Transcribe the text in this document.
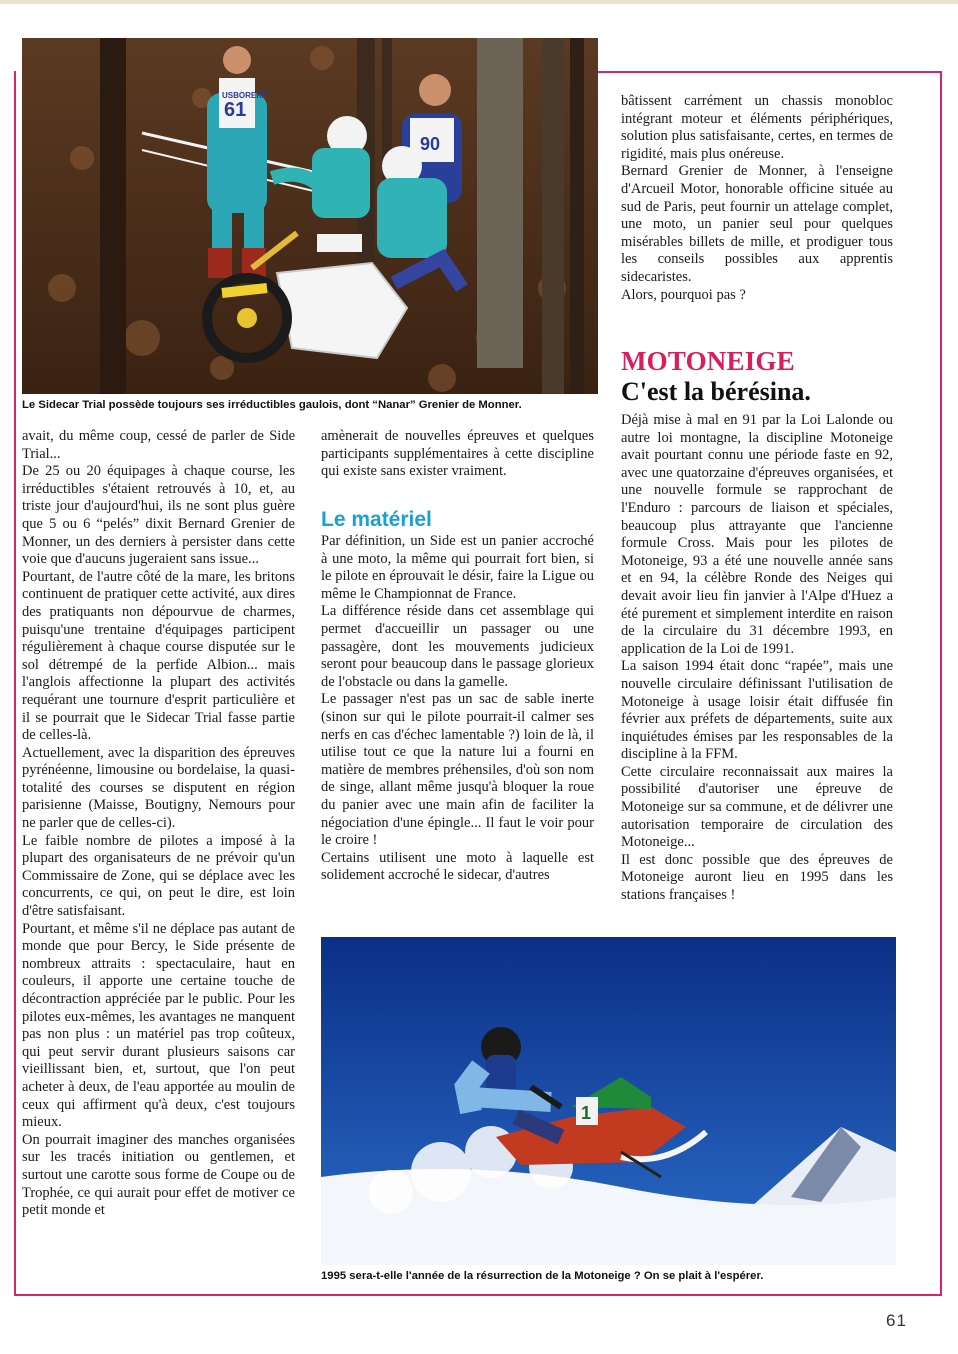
USBOREKE
61
90
Le Sidecar Trial possède toujours ses irréductibles gaulois, dont “Nanar” Grenier de Monner.

avait, du même coup, cessé de parler de Side Trial...

De 25 ou 20 équipages à chaque course, les irréductibles s'étaient retrouvés à 10, et, au triste jour d'aujourd'hui, ils ne sont plus guère que 5 ou 6 “pelés” dixit Bernard Grenier de Monner, un des derniers à persister dans cette voie que d'aucuns jugeraient sans issue...

Pourtant, de l'autre côté de la mare, les britons continuent de pratiquer cette activité, aux dires des pratiquants non dépourvue de charmes, puisqu'une trentaine d'équipages participent régulièrement à chaque course disputée sur le sol détrempé de la perfide Albion... mais l'anglois affectionne la plupart des activités requérant une tournure d'esprit particulière et il se pourrait que le Sidecar Trial fasse partie de celles-là.

Actuellement, avec la disparition des épreuves pyrénéenne, limousine ou bordelaise, la quasi-totalité des courses se disputent en région parisienne (Maisse, Boutigny, Nemours pour ne parler que de celles-ci).

Le faible nombre de pilotes a imposé à la plupart des organisateurs de ne prévoir qu'un Commissaire de Zone, qui se déplace avec les concurrents, ce qui, on peut le dire, est loin d'être satisfaisant.

Pourtant, et même s'il ne déplace pas autant de monde que pour Bercy, le Side présente de nombreux attraits : spectaculaire, haut en couleurs, il apporte une certaine touche de décontraction appréciée par le public. Pour les pilotes eux-mêmes, les avantages ne manquent pas non plus : un matériel pas trop coûteux, qui peut servir durant plusieurs saisons car vieillissant bien, et, surtout, que l'on peut acheter à deux, de l'eau apportée au moulin de ceux qui affirment qu'à deux, c'est toujours mieux.

On pourrait imaginer des manches organisées sur les tracés initiation ou gentlemen, et surtout une carotte sous forme de Coupe ou de Trophée, ce qui aurait pour effet de motiver ce petit monde et

amènerait de nouvelles épreuves et quelques participants supplémentaires à cette discipline qui existe sans exister vraiment.

Le matériel

Par définition, un Side est un panier accroché à une moto, la même qui pourrait fort bien, si le pilote en éprouvait le désir, faire la Ligue ou même le Championnat de France.

La différence réside dans cet assemblage qui permet d'accueillir un passager ou une passagère, dont les mouvements judicieux seront pour beaucoup dans le passage glorieux de l'obstacle ou dans la gamelle.

Le passager n'est pas un sac de sable inerte (sinon sur qui le pilote pourrait-il calmer ses nerfs en cas d'échec lamentable ?) loin de là, il utilise tout ce que la nature lui a fourni en matière de membres préhensiles, d'où son nom de singe, allant même jusqu'à bloquer la roue du panier avec une main afin de faciliter la négociation d'une épingle... Il faut le voir pour le croire !

Certains utilisent une moto à laquelle est solidement accroché le sidecar, d'autres

bâtissent carrément un chassis monobloc intégrant moteur et éléments périphériques, solution plus satisfaisante, certes, en termes de rigidité, mais plus onéreuse.

Bernard Grenier de Monner, à l'enseigne d'Arcueil Motor, honorable officine située au sud de Paris, peut fournir un attelage complet, une moto, un panier seul pour quelques misérables billets de mille, et prodiguer tous les conseils possibles aux apprentis sidecaristes.

Alors, pourquoi pas ?

MOTONEIGE
C'est la bérésina.

Déjà mise à mal en 91 par la Loi Lalonde ou autre loi montagne, la discipline Motoneige avait pourtant connu une période faste en 92, avec une quatorzaine d'épreuves organisées, et une nouvelle formule se rapprochant de l'Enduro : parcours de liaison et spéciales, beaucoup plus attrayante que l'ancienne formule Cross. Mais pour les pilotes de Motoneige, 93 a été une nouvelle année sans et en 94, la célèbre Ronde des Neiges qui devait avoir lieu fin janvier à l'Alpe d'Huez a été purement et simplement interdite en raison de la circulaire du 31 décembre 1993, en application de la Loi de 1991.

La saison 1994 était donc “rapée”, mais une nouvelle circulaire définissant l'utilisation de Motoneige à usage loisir était diffusée fin février aux préfets de départements, suite aux inquiétudes émises par les responsables de la discipline à la FFM.

Cette circulaire reconnaissait aux maires la possibilité d'autoriser une épreuve de Motoneige sur sa commune, et de délivrer une autorisation temporaire de circulation des Motoneige...

Il est donc possible que des épreuves de Motoneige auront lieu en 1995 dans les stations françaises !

1
1995 sera-t-elle l'année de la résurrection de la Motoneige ? On se plait à l'espérer.
61
